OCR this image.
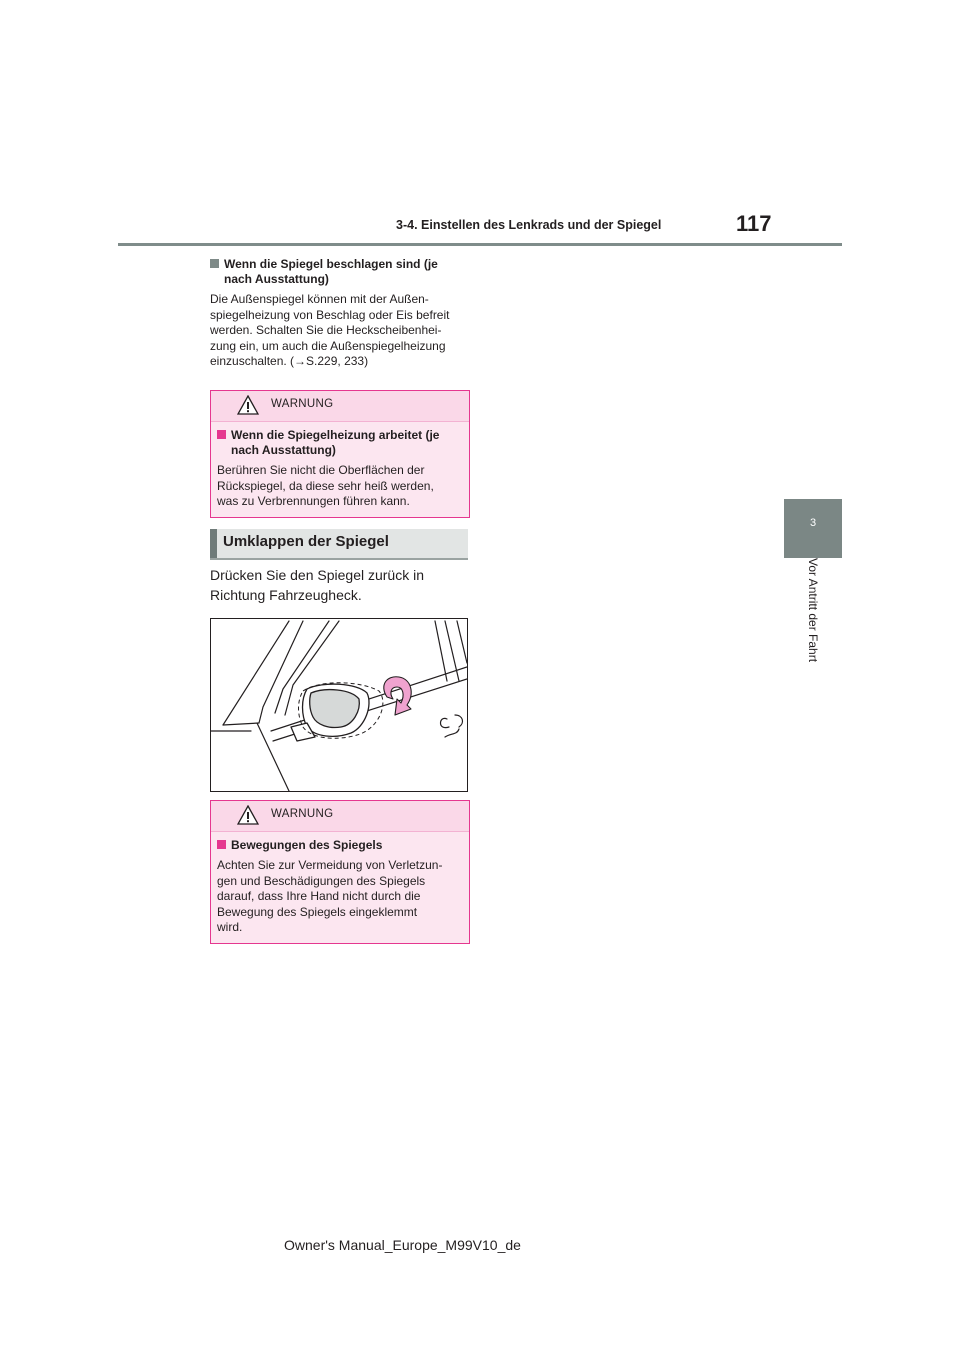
3-4. Einstellen des Lenkrads und der Spiegel	117
3
Vor Antritt der Fahrt
Wenn die Spiegel beschlagen sind (je
nach Ausstattung)
Die Außenspiegel können mit der Außen-
spiegelheizung von Beschlag oder Eis befreit
werden. Schalten Sie die Heckscheibenhei-
zung ein, um auch die Außenspiegelheizung
einzuschalten. (→S.229, 233)
WARNUNG
Wenn die Spiegelheizung arbeitet (je
nach Ausstattung)
Berühren Sie nicht die Oberflächen der
Rückspiegel, da diese sehr heiß werden,
was zu Verbrennungen führen kann.
Umklappen der Spiegel
Drücken Sie den Spiegel zurück in
Richtung Fahrzeugheck.
WARNUNG
Bewegungen des Spiegels
Achten Sie zur Vermeidung von Verletzun-
gen und Beschädigungen des Spiegels
darauf, dass Ihre Hand nicht durch die
Bewegung des Spiegels eingeklemmt
wird.
Owner's Manual_Europe_M99V10_de
